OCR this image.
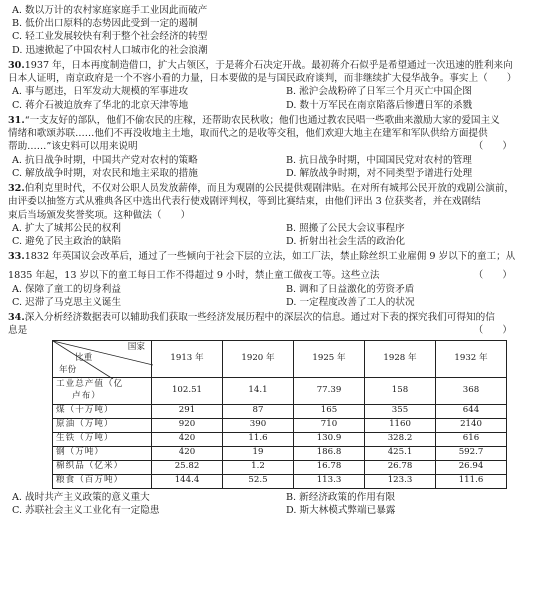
A. 数以万计的农村家庭家庭手工业因此而破产
B. 低价出口原料的态势因此受到一定的遏制
C. 轻工业发展较快有利于整个社会经济的转型
D. 迅速掀起了中国农村人口城市化的社会浪潮
30.1937 年，日本再度制造借口，扩大占领区，于是蒋介石决定开战。最初蒋介石似乎是希望通过一次迅速的胜利来向
日本人证明，南京政府是一个不容小看的力量，日本要做的是与国民政府谈判，而非继续扩大侵华战争。事实上（　　）
A. 事与愿违，日军发动大规模的军事进攻	B. 淞沪会战粉碎了日军三个月灭亡中国企图
C. 蒋介石被迫放弃了华北的北京天津等地	D. 数十万军民在南京陷落后惨遭日军的杀戮
31.“一支友好的部队，他们不偷农民的庄稼，还帮助农民秋收；他们也通过教农民唱一些歌曲来激励大家的爱国主义
情绪和歌颂苏联……他们不再没收地主土地，取而代之的是收等交租，他们欢迎大地主在建军和军队供给方面提供
帮助……”该史料可以用来说明	（　　）
A. 抗日战争时期，中国共产党对农村的策略	B. 抗日战争时期，中国国民党对农村的管理
C. 解放战争时期，对农民和地主采取的措施	D. 解放战争时期，对不同类型予谱进行处理
32.伯利克里时代，不仅对公职人员发放薪俸，而且为观剧的公民提供观剧津贴。在对所有城邦公民开放的戏剧公演前，
由评委以抽签方式从雅典各区中选出代表行使戏剧评判权，等到比赛结束，由他们评出 3 位获奖者，并在戏剧结
束后当场颁发奖誉奖项。这种做法（　　）
A. 扩大了城邦公民的权利	B. 照搬了公民大会议事程序
C. 避免了民主政治的缺陷	D. 折射出社会生活的政治化
33.1832 年英国议会改革后，通过了一些倾向于社会下层的立法，如工厂法，禁止除丝织工业雇佣 9 岁以下的童工；从
1835 年起，13 岁以下的童工每日工作不得超过 9 小时，禁止童工做夜工等。这些立法	（　　）
A. 保障了童工的切身利益	B. 调和了日益激化的劳资矛盾
C. 迟滞了马克思主义诞生	D. 一定程度改善了工人的状况
34.深入分析经济数据表可以辅助我们获取一些经济发展历程中的深层次的信息。通过对下表的探究我们可得知的信
息是	（　　）
国家
比重
年份	1913 年	1920 年	1925 年	1928 年	1932 年

工业总产值（亿
卢布）	102.51	14.1	77.39	158	368
煤（十万吨）	291	87	165	355	644
原油（万吨）	920	390	710	1160	2140
生铁（万吨）	420	11.6	130.9	328.2	616
钢（万吨）	420	19	186.8	425.1	592.7
棉织品（亿米）	25.82	1.2	16.78	26.78	26.94
粮食（百万吨）	144.4	52.5	113.3	123.3	111.6
A. 战时共产主义政策的意义重大	B. 新经济政策的作用有限
C. 苏联社会主义工业化有一定隐患	D. 斯大林模式弊端已暴露
